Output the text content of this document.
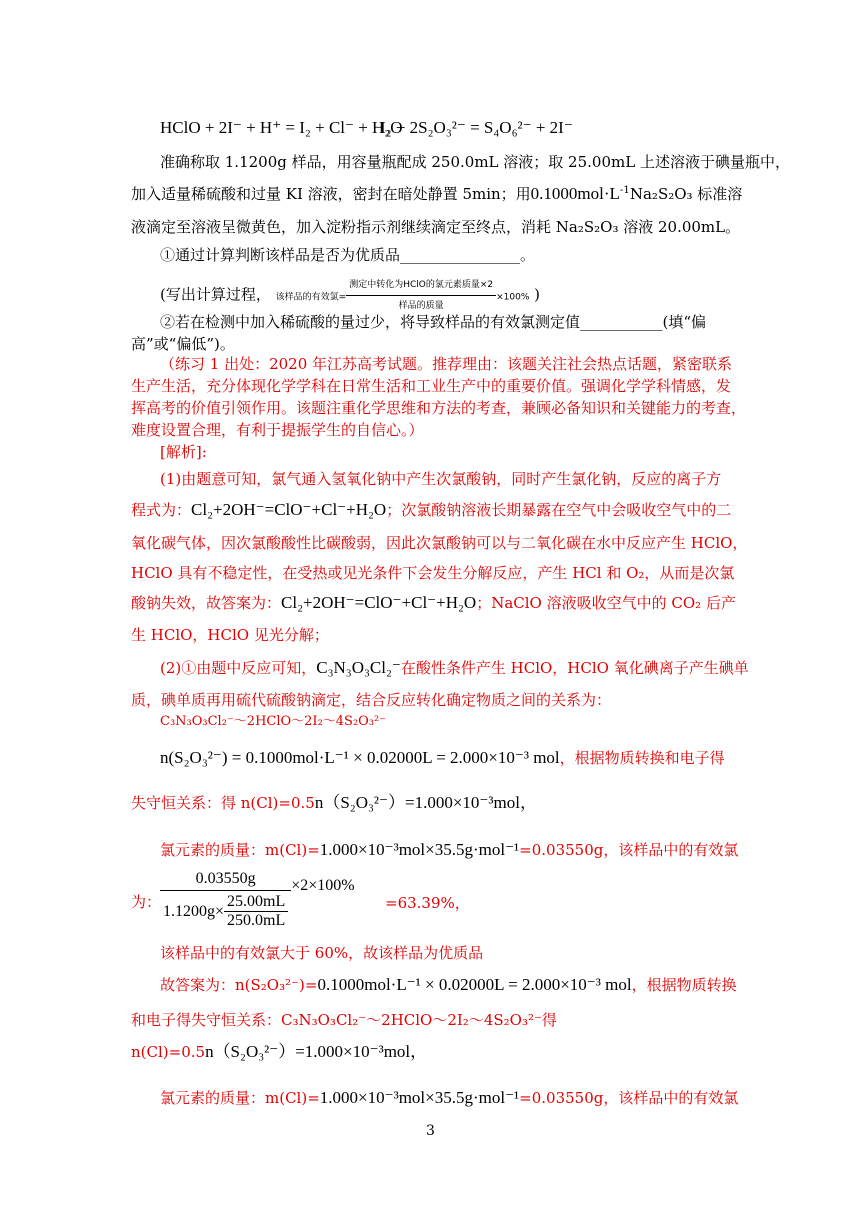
HClO + 2I⁻ + H⁺ = I₂ + Cl⁻ + H₂O
I₂ + 2S₂O₃²⁻ = S₄O₆²⁻ + 2I⁻
准确称取 1.1200g 样品，用容量瓶配成 250.0mL 溶液；取 25.00mL 上述溶液于碘量瓶中，
加入适量稀硫酸和过量 KI 溶液，密封在暗处静置 5min；用$0.1000mol\cdot L^{-1}Na_2S_2O_3$ 标准溶
液滴定至溶液呈微黄色，加入淀粉指示剂继续滴定至终点，消耗 Na₂S₂O₃ 溶液 20.00mL。
①通过计算判断该样品是否为优质品________________。
(写出计算过程， 该样品的有效氯= $\frac{\text{测定中转化为HClO的氯元素质量×2}}{\text{样品的质量}} \times 100\%$ )
②若在检测中加入稀硫酸的量过少，将导致样品的有效氯测定值___________(填“偏
高”或“偏低”)。
（练习 1 出处：2020 年江苏高考试题。推荐理由：该题关注社会热点话题，紧密联系
生产生活，充分体现化学学科在日常生活和工业生产中的重要价值。强调化学学科情感，发
挥高考的价值引领作用。该题注重化学思维和方法的考查，兼顾必备知识和关键能力的考查，
难度设置合理，有利于提振学生的自信心。）
[解析]:
(1)由题意可知，氯气通入氢氧化钠中产生次氯酸钠，同时产生氯化钠，反应的离子方
程式为：Cl₂+2OH⁻=ClO⁻+Cl⁻+H₂O；次氯酸钠溶液长期暴露在空气中会吸收空气中的二
氧化碳气体，因次氯酸酸性比碳酸弱，因此次氯酸钠可以与二氧化碳在水中反应产生 HClO，
HClO 具有不稳定性，在受热或见光条件下会发生分解反应，产生 HCl 和 O₂，从而是次氯
酸钠失效，故答案为：Cl₂+2OH⁻=ClO⁻+Cl⁻+H₂O；NaClO 溶液吸收空气中的 CO₂ 后产
生 HClO，HClO 见光分解；
(2)①由题中反应可知，C₃N₃O₃Cl₂⁻在酸性条件产生 HClO，HClO 氧化碘离子产生碘单
质，碘单质再用硫代硫酸钠滴定，结合反应转化确定物质之间的关系为：
C₃N₃O₃Cl₂⁻～2HClO～2I₂～4S₂O₃²⁻
n(S₂O₃²⁻) = 0.1000mol·L⁻¹ × 0.02000L = 2.000×10⁻³ mol，根据物质转换和电子得
失守恒关系：得 n(Cl)=0.5n（S₂O₃²⁻）=1.000×10⁻³mol，
氯元素的质量：m(Cl)=1.000×10⁻³mol×35.5g·mol⁻¹=0.03550g，该样品中的有效氯
为：
$\frac{0.03550g}{1.1200g\times \frac{25.00mL}{250.0mL}} \times 2\times 100\%$
=63.39%，
该样品中的有效氯大于 60%，故该样品为优质品
故答案为：n(S₂O₃²⁻)=0.1000mol·L⁻¹ × 0.02000L = 2.000×10⁻³ mol，根据物质转换
和电子得失守恒关系：C₃N₃O₃Cl₂⁻～2HClO～2I₂～4S₂O₃²⁻得
n(Cl)=0.5n（S₂O₃²⁻）=1.000×10⁻³mol，
氯元素的质量：m(Cl)=1.000×10⁻³mol×35.5g·mol⁻¹=0.03550g，该样品中的有效氯
3
